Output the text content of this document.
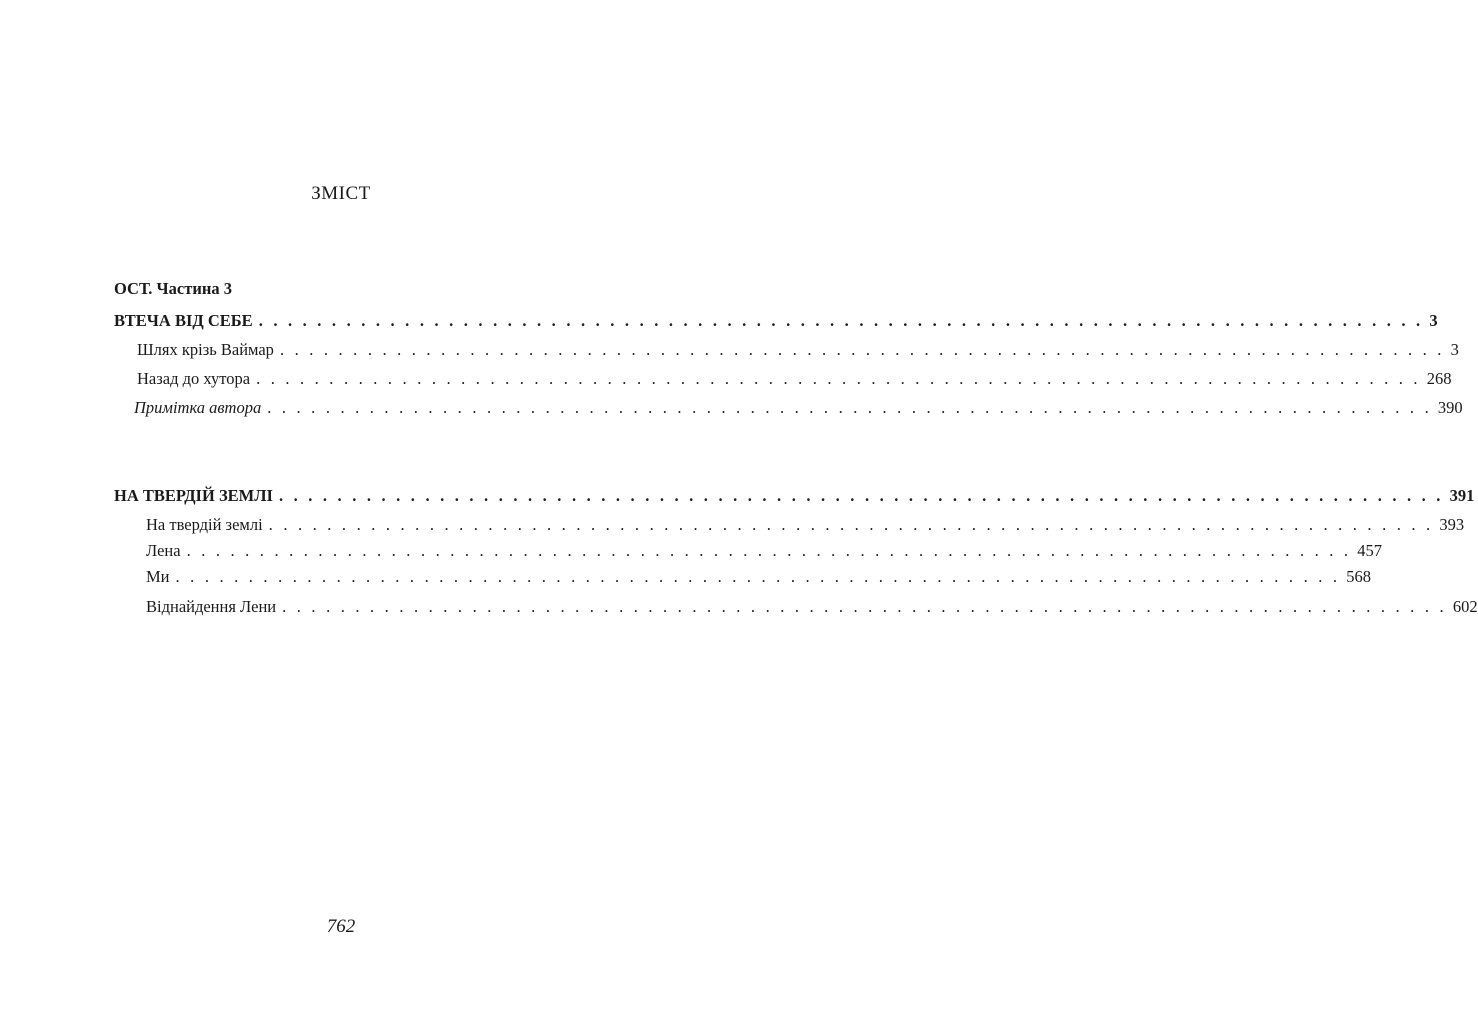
ЗМІСТ
ОСТ. Частина 3
ВТЕЧА ВІД СЕБЕ . . . . . . . . . . . . . . . . . . . . . . . . . . . . . . . . . . . . . . . . . . . . . . . . . . . . . . . . . . . . . . . . . . . . . . . . . . . . . . . . 3
Шлях крізь Ваймар . . . . . . . . . . . . . . . . . . . . . . . . . . . . . . . . . . . . . . . . . . . . . . . . . . . . . . . . . . . . . . . . . . . . . . . . . . . . . . . . 3
Назад до хутора . . . . . . . . . . . . . . . . . . . . . . . . . . . . . . . . . . . . . . . . . . . . . . . . . . . . . . . . . . . . . . . . . . . . . . . . . . . . . . . . 268
Примітка автора . . . . . . . . . . . . . . . . . . . . . . . . . . . . . . . . . . . . . . . . . . . . . . . . . . . . . . . . . . . . . . . . . . . . . . . . . . . . . . . . 390
НА ТВЕРДІЙ ЗЕМЛІ . . . . . . . . . . . . . . . . . . . . . . . . . . . . . . . . . . . . . . . . . . . . . . . . . . . . . . . . . . . . . . . . . . . . . . . . . . . . . . . . 391
На твердій землі . . . . . . . . . . . . . . . . . . . . . . . . . . . . . . . . . . . . . . . . . . . . . . . . . . . . . . . . . . . . . . . . . . . . . . . . . . . . . . . . 393
Лена . . . . . . . . . . . . . . . . . . . . . . . . . . . . . . . . . . . . . . . . . . . . . . . . . . . . . . . . . . . . . . . . . . . . . . . . . . . . . . . . 457
Ми . . . . . . . . . . . . . . . . . . . . . . . . . . . . . . . . . . . . . . . . . . . . . . . . . . . . . . . . . . . . . . . . . . . . . . . . . . . . . . . . 568
Віднайдення Лени . . . . . . . . . . . . . . . . . . . . . . . . . . . . . . . . . . . . . . . . . . . . . . . . . . . . . . . . . . . . . . . . . . . . . . . . . . . . . . . . 602
762
